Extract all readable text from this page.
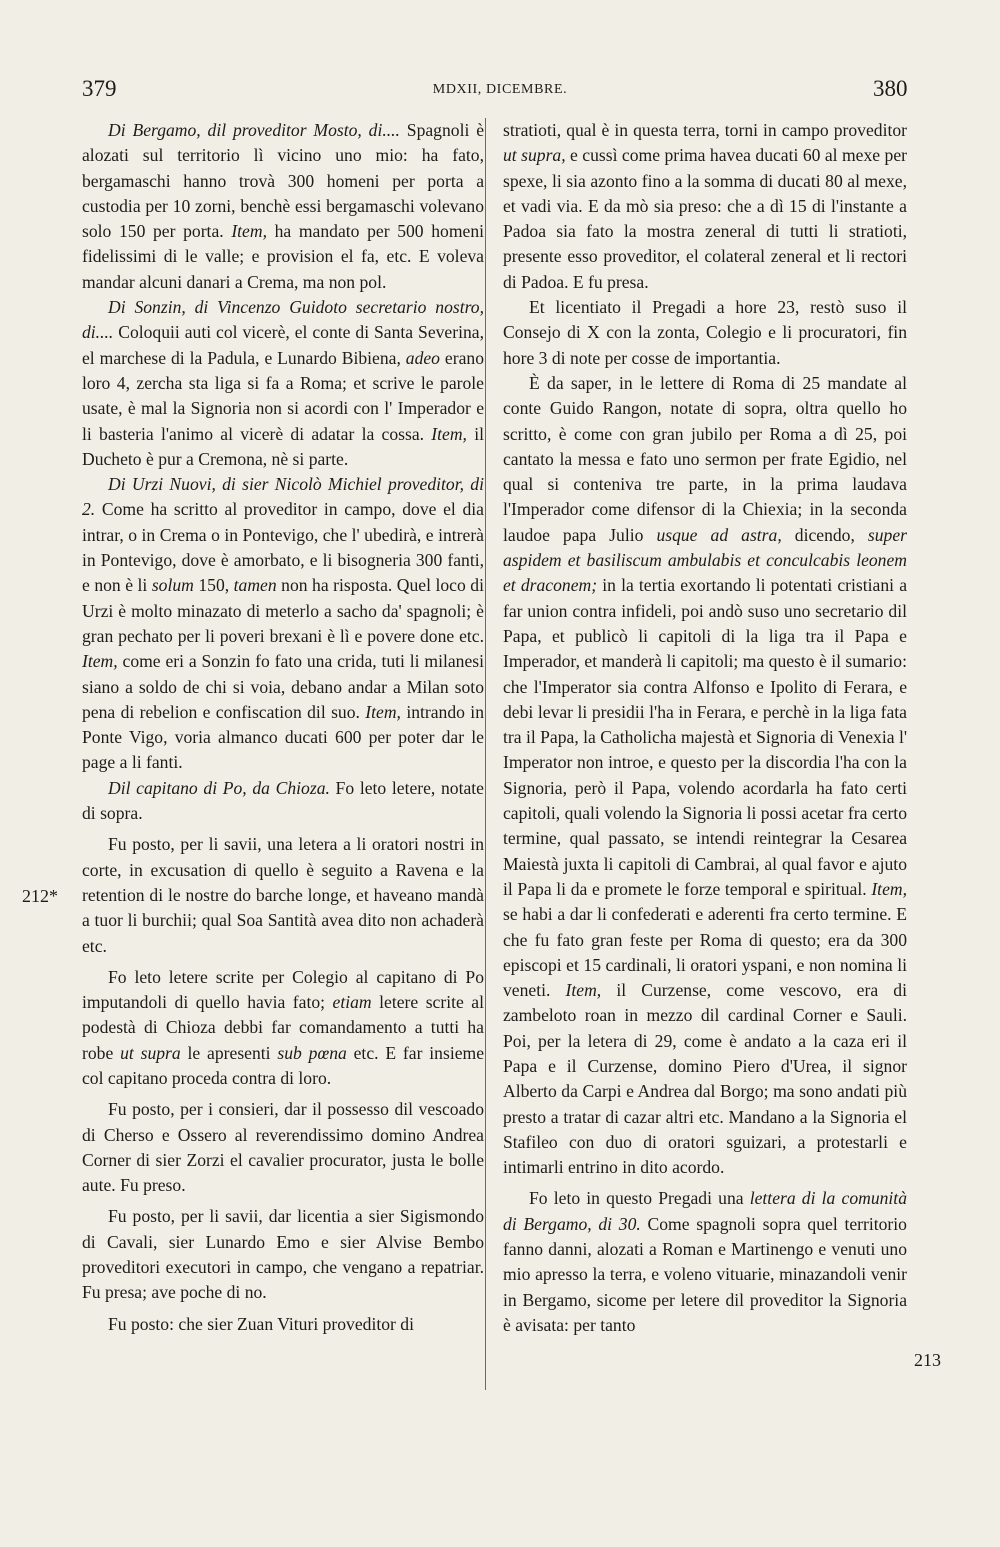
379	MDXII, DICEMBRE.	380
212*
213

Di Bergamo, dil proveditor Mosto, di.... Spagnoli è alozati sul territorio lì vicino uno mio: ha fato, bergamaschi hanno trovà 300 homeni per porta a custodia per 10 zorni, benchè essi bergamaschi volevano solo 150 per porta. Item, ha mandato per 500 homeni fidelissimi di le valle; e provision el fa, etc. E voleva mandar alcuni danari a Crema, ma non pol.

Di Sonzin, di Vincenzo Guidoto secretario nostro, di.... Coloquii auti col vicerè, el conte di Santa Severina, el marchese di la Padula, e Lunardo Bibiena, adeo erano loro 4, zercha sta liga si fa a Roma; et scrive le parole usate, è mal la Signoria non si acordi con l' Imperador e li basteria l'animo al vicerè di adatar la cossa. Item, il Ducheto è pur a Cremona, nè si parte.

Di Urzi Nuovi, di sier Nicolò Michiel proveditor, di 2. Come ha scritto al proveditor in campo, dove el dia intrar, o in Crema o in Pontevigo, che l' ubedirà, e intrerà in Pontevigo, dove è amorbato, e li bisogneria 300 fanti, e non è li solum 150, tamen non ha risposta. Quel loco di Urzi è molto minazato di meterlo a sacho da' spagnoli; è gran pechato per li poveri brexani è lì e povere done etc. Item, come eri a Sonzin fo fato una crida, tuti li milanesi siano a soldo de chi si voia, debano andar a Milan soto pena di rebelion e confiscation dil suo. Item, intrando in Ponte Vigo, voria almanco ducati 600 per poter dar le page a li fanti.

Dil capitano di Po, da Chioza. Fo leto letere, notate di sopra.

Fu posto, per li savii, una letera a li oratori nostri in corte, in excusation di quello è seguito a Ravena e la retention di le nostre do barche longe, et haveano mandà a tuor li burchii; qual Soa Santità avea dito non achaderà etc.

Fo leto letere scrite per Colegio al capitano di Po imputandoli di quello havia fato; etiam letere scrite al podestà di Chioza debbi far comandamento a tutti ha robe ut supra le apresenti sub pœna etc. E far insieme col capitano proceda contra di loro.

Fu posto, per i consieri, dar il possesso dil vescoado di Cherso e Ossero al reverendissimo domino Andrea Corner di sier Zorzi el cavalier procurator, justa le bolle aute. Fu preso.

Fu posto, per li savii, dar licentia a sier Sigismondo di Cavali, sier Lunardo Emo e sier Alvise Bembo proveditori executori in campo, che vengano a repatriar. Fu presa; ave poche di no.

Fu posto: che sier Zuan Vituri proveditor di

stratioti, qual è in questa terra, torni in campo proveditor ut supra, e cussì come prima havea ducati 60 al mexe per spexe, li sia azonto fino a la somma di ducati 80 al mexe, et vadi via. E da mò sia preso: che a dì 15 di l'instante a Padoa sia fato la mostra zeneral di tutti li stratioti, presente esso proveditor, el colateral zeneral et li rectori di Padoa. E fu presa.

Et licentiato il Pregadi a hore 23, restò suso il Consejo di X con la zonta, Colegio e li procuratori, fin hore 3 di note per cosse de importantia.

È da saper, in le lettere di Roma di 25 mandate al conte Guido Rangon, notate di sopra, oltra quello ho scritto, è come con gran jubilo per Roma a dì 25, poi cantato la messa e fato uno sermon per frate Egidio, nel qual si conteniva tre parte, in la prima laudava l'Imperador come difensor di la Chiexia; in la seconda laudoe papa Julio usque ad astra, dicendo, super aspidem et basiliscum ambulabis et conculcabis leonem et draconem; in la tertia exortando li potentati cristiani a far union contra infideli, poi andò suso uno secretario dil Papa, et publicò li capitoli di la liga tra il Papa e Imperador, et manderà li capitoli; ma questo è il sumario: che l'Imperator sia contra Alfonso e Ipolito di Ferara, e debi levar li presidii l'ha in Ferara, e perchè in la liga fata tra il Papa, la Catholicha majestà et Signoria di Venexia l' Imperator non introe, e questo per la discordia l'ha con la Signoria, però il Papa, volendo acordarla ha fato certi capitoli, quali volendo la Signoria li possi acetar fra certo termine, qual passato, se intendi reintegrar la Cesarea Maiestà juxta li capitoli di Cambrai, al qual favor e ajuto il Papa li da e promete le forze temporal e spiritual. Item, se habi a dar li confederati e aderenti fra certo termine. E che fu fato gran feste per Roma di questo; era da 300 episcopi et 15 cardinali, li oratori yspani, e non nomina li veneti. Item, il Curzense, come vescovo, era di zambeloto roan in mezzo dil cardinal Corner e Sauli. Poi, per la letera di 29, come è andato a la caza eri il Papa e il Curzense, domino Piero d'Urea, il signor Alberto da Carpi e Andrea dal Borgo; ma sono andati più presto a tratar di cazar altri etc. Mandano a la Signoria el Stafileo con duo di oratori sguizari, a protestarli e intimarli entrino in dito acordo.

Fo leto in questo Pregadi una lettera di la comunità di Bergamo, di 30. Come spagnoli sopra quel territorio fanno danni, alozati a Roman e Martinengo e venuti uno mio apresso la terra, e voleno vituarie, minazandoli venir in Bergamo, sicome per letere dil proveditor la Signoria è avisata: per tanto
